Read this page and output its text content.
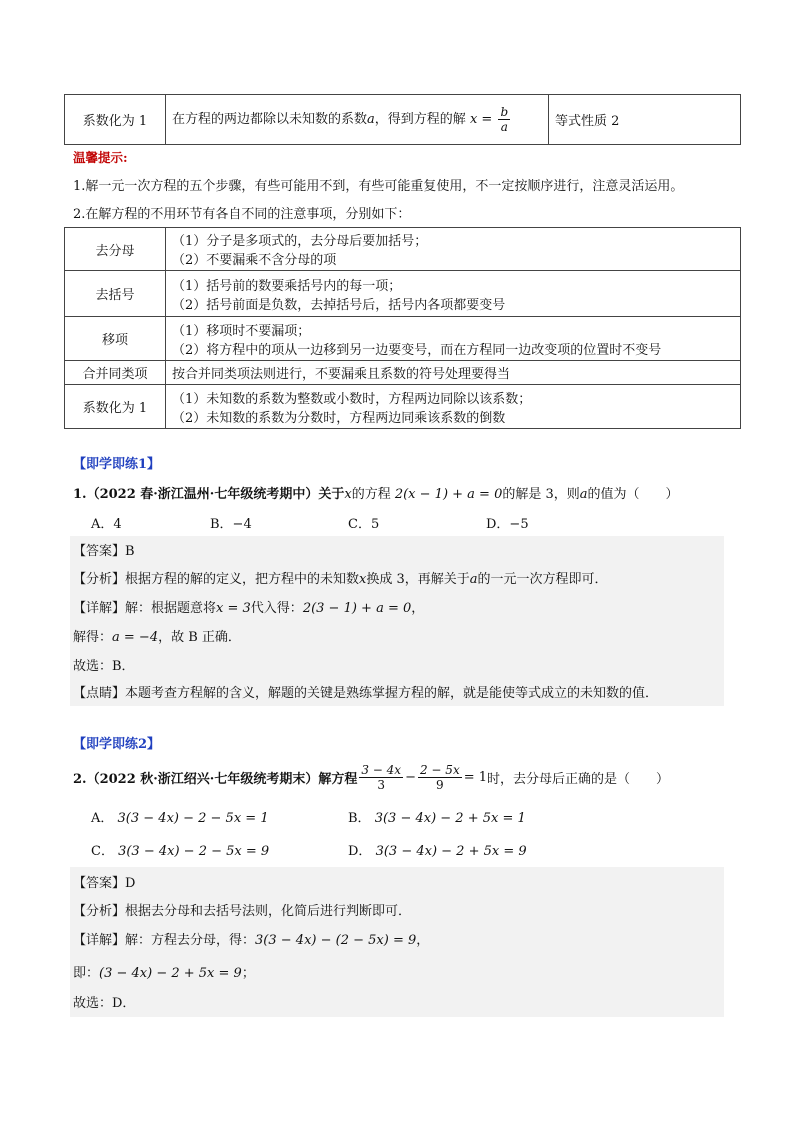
系数化为 1	在方程的两边都除以未知数的系数a，得到方程的解 $x = \frac{b}{a}$	等式性质 2
温馨提示:
1.解一元一次方程的五个步骤，有些可能用不到，有些可能重复使用，不一定按顺序进行，注意灵活运用。
2.在解方程的不用环节有各自不同的注意事项，分别如下：
去分母	（1）分子是多项式的，去分母后要加括号；
（2）不要漏乘不含分母的项

去括号	（1）括号前的数要乘括号内的每一项；
（2）括号前面是负数，去掉括号后，括号内各项都要变号

移项	（1）移项时不要漏项；
（2）将方程中的项从一边移到另一边要变号，而在方程同一边改变项的位置时不变号

合并同类项	按合并同类项法则进行，不要漏乘且系数的符号处理要得当

系数化为 1	（1）未知数的系数为整数或小数时，方程两边同除以该系数；
（2）未知数的系数为分数时，方程两边同乘该系数的倒数
【即学即练1】
1.（2022 春·浙江温州·七年级统考期中）关于x的方程 2(x − 1) + a = 0的解是 3，则a的值为（　　）
A．4	B．−4	C．5	D．−5
【答案】B
【分析】根据方程的解的定义，把方程中的未知数x换成 3，再解关于a的一元一次方程即可．
【详解】解：根据题意将x = 3代入得：2(3 − 1) + a = 0，
解得：a = −4，故 B 正确．
故选：B．
【点睛】本题考查方程解的含义，解题的关键是熟练掌握方程的解，就是能使等式成立的未知数的值．
【即学即练2】
2.（2022 秋·浙江绍兴·七年级统考期末）解方程 $\frac{3 - 4x}{3} - \frac{2 - 5x}{9} = 1$ 时，去分母后正确的是（　　）
A． 3(3 − 4x) − 2 − 5x = 1	B． 3(3 − 4x) − 2 + 5x = 1
C． 3(3 − 4x) − 2 − 5x = 9	D． 3(3 − 4x) − 2 + 5x = 9
【答案】D
【分析】根据去分母和去括号法则，化简后进行判断即可．
【详解】解：方程去分母，得：3(3 − 4x) − (2 − 5x) = 9，
即：(3 − 4x) − 2 + 5x = 9；
故选：D．
